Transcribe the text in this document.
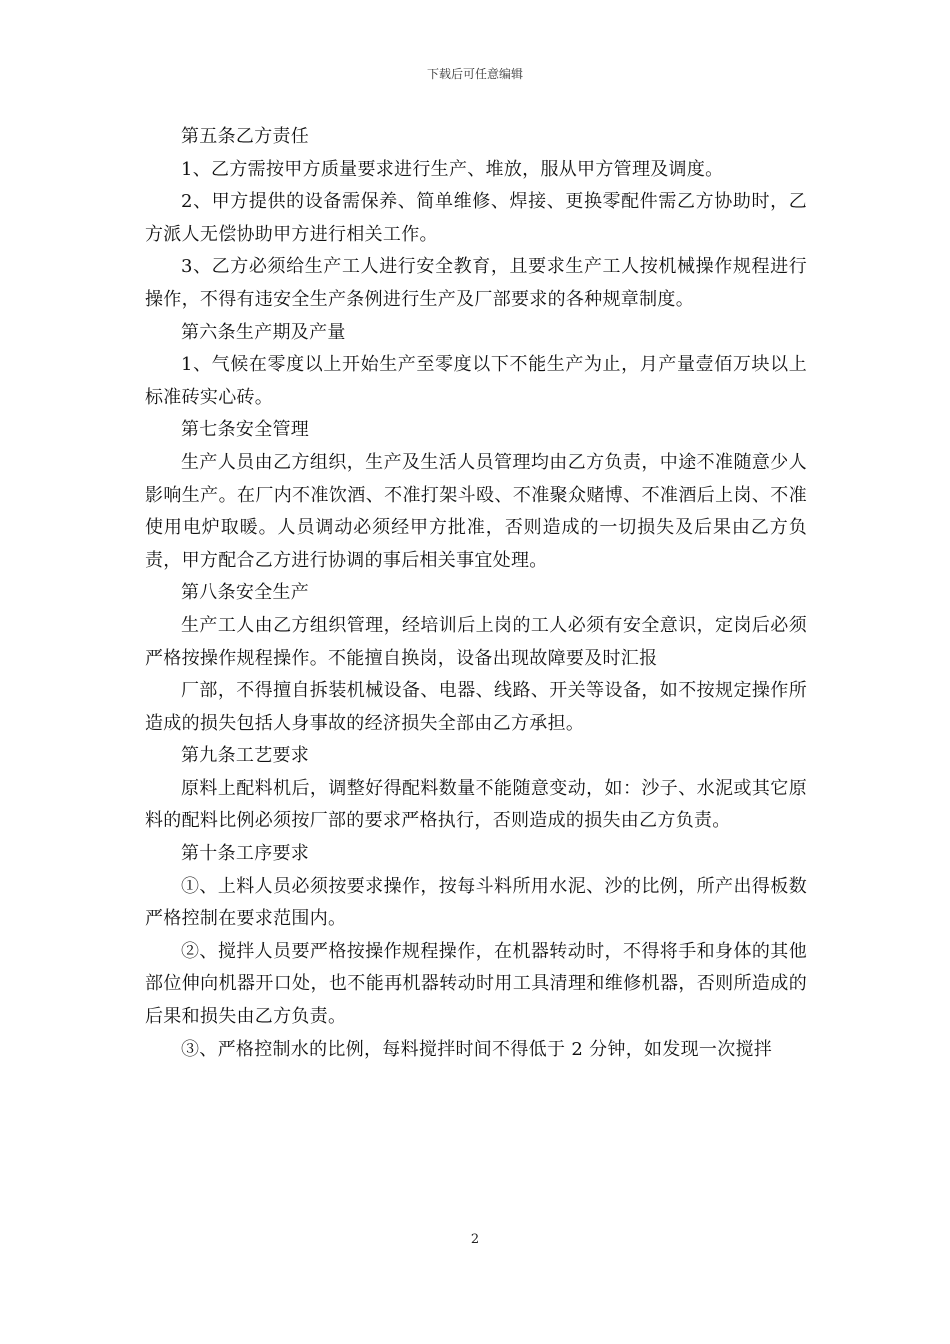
下载后可任意编辑

第五条乙方责任

1、乙方需按甲方质量要求进行生产、堆放，服从甲方管理及调度。

2、甲方提供的设备需保养、简单维修、焊接、更换零配件需乙方协助时，乙方派人无偿协助甲方进行相关工作。

3、乙方必须给生产工人进行安全教育，且要求生产工人按机械操作规程进行操作，不得有违安全生产条例进行生产及厂部要求的各种规章制度。

第六条生产期及产量

1、气候在零度以上开始生产至零度以下不能生产为止，月产量壹佰万块以上标准砖实心砖。

第七条安全管理

生产人员由乙方组织，生产及生活人员管理均由乙方负责，中途不准随意少人影响生产。在厂内不准饮酒、不准打架斗殴、不准聚众赌博、不准酒后上岗、不准使用电炉取暖。人员调动必须经甲方批准，否则造成的一切损失及后果由乙方负责，甲方配合乙方进行协调的事后相关事宜处理。

第八条安全生产

生产工人由乙方组织管理，经培训后上岗的工人必须有安全意识，定岗后必须严格按操作规程操作。不能擅自换岗，设备出现故障要及时汇报

厂部，不得擅自拆装机械设备、电器、线路、开关等设备，如不按规定操作所造成的损失包括人身事故的经济损失全部由乙方承担。

第九条工艺要求

原料上配料机后，调整好得配料数量不能随意变动，如：沙子、水泥或其它原料的配料比例必须按厂部的要求严格执行，否则造成的损失由乙方负责。

第十条工序要求

①、上料人员必须按要求操作，按每斗料所用水泥、沙的比例，所产出得板数严格控制在要求范围内。

②、搅拌人员要严格按操作规程操作，在机器转动时，不得将手和身体的其他部位伸向机器开口处，也不能再机器转动时用工具清理和维修机器，否则所造成的后果和损失由乙方负责。

③、严格控制水的比例，每料搅拌时间不得低于 2 分钟，如发现一次搅拌

2
